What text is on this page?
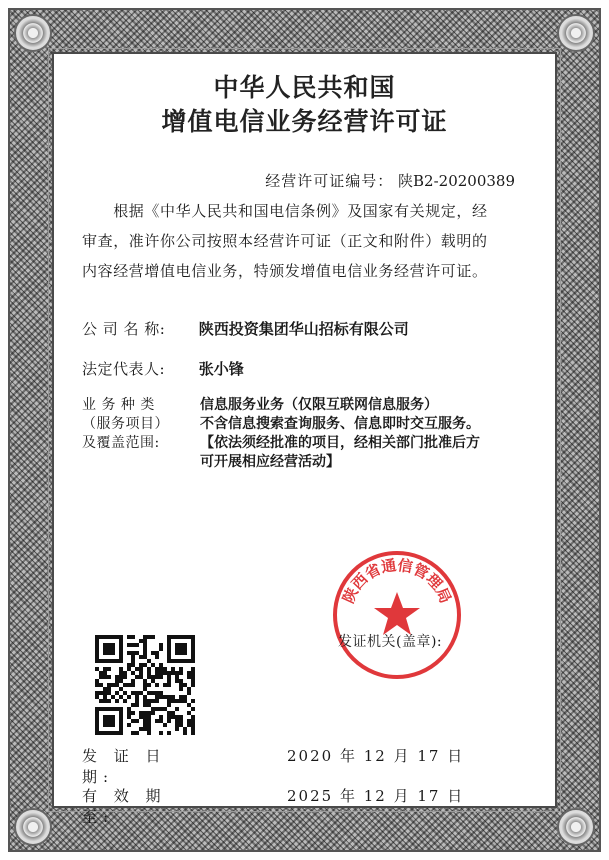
中华人民共和国
增值电信业务经营许可证
经营许可证编号： 陕B2-20200389

　　根据《中华人民共和国电信条例》及国家有关规定，经

审查，准许你公司按照本经营许可证（正文和附件）载明的

内容经营增值电信业务，特颁发增值电信业务经营许可证。

公 司 名 称: 陕西投资集团华山招标有限公司
法定代表人: 张小锋
业 务 种 类
（服务项目）
及覆盖范围:
信息服务业务（仅限互联网信息服务）
不含信息搜索查询服务、信息即时交互服务。
【依法须经批准的项目，经相关部门批准后方
可开展相应经营活动】
陕西省通信管理局
发证机关(盖章):
发 证 日 期:
2020 年 12 月 17 日
有 效 期 至:
2025 年 12 月 17 日
